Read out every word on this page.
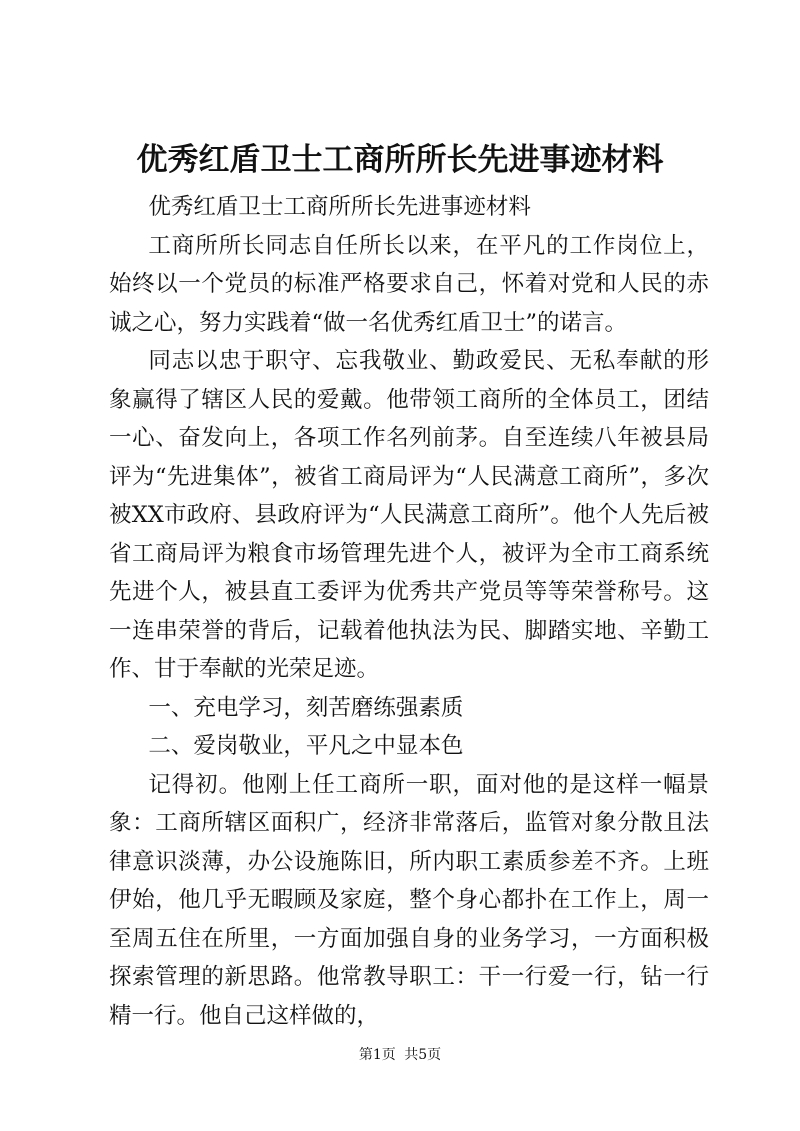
优秀红盾卫士工商所所长先进事迹材料

优秀红盾卫士工商所所长先进事迹材料

工商所所长同志自任所长以来，在平凡的工作岗位上，始终以一个党员的标准严格要求自己，怀着对党和人民的赤诚之心，努力实践着“做一名优秀红盾卫士”的诺言。

同志以忠于职守、忘我敬业、勤政爱民、无私奉献的形象赢得了辖区人民的爱戴。他带领工商所的全体员工，团结一心、奋发向上，各项工作名列前茅。自至连续八年被县局评为“先进集体”，被省工商局评为“人民满意工商所”，多次被XX市政府、县政府评为“人民满意工商所”。他个人先后被省工商局评为粮食市场管理先进个人，被评为全市工商系统先进个人，被县直工委评为优秀共产党员等等荣誉称号。这一连串荣誉的背后，记载着他执法为民、脚踏实地、辛勤工作、甘于奉献的光荣足迹。

一、充电学习，刻苦磨练强素质

二、爱岗敬业，平凡之中显本色

记得初。他刚上任工商所一职，面对他的是这样一幅景象：工商所辖区面积广，经济非常落后，监管对象分散且法律意识淡薄，办公设施陈旧，所内职工素质参差不齐。上班伊始，他几乎无暇顾及家庭，整个身心都扑在工作上，周一至周五住在所里，一方面加强自身的业务学习，一方面积极探索管理的新思路。他常教导职工：干一行爱一行，钻一行精一行。他自己这样做的，

第1页 共5页
